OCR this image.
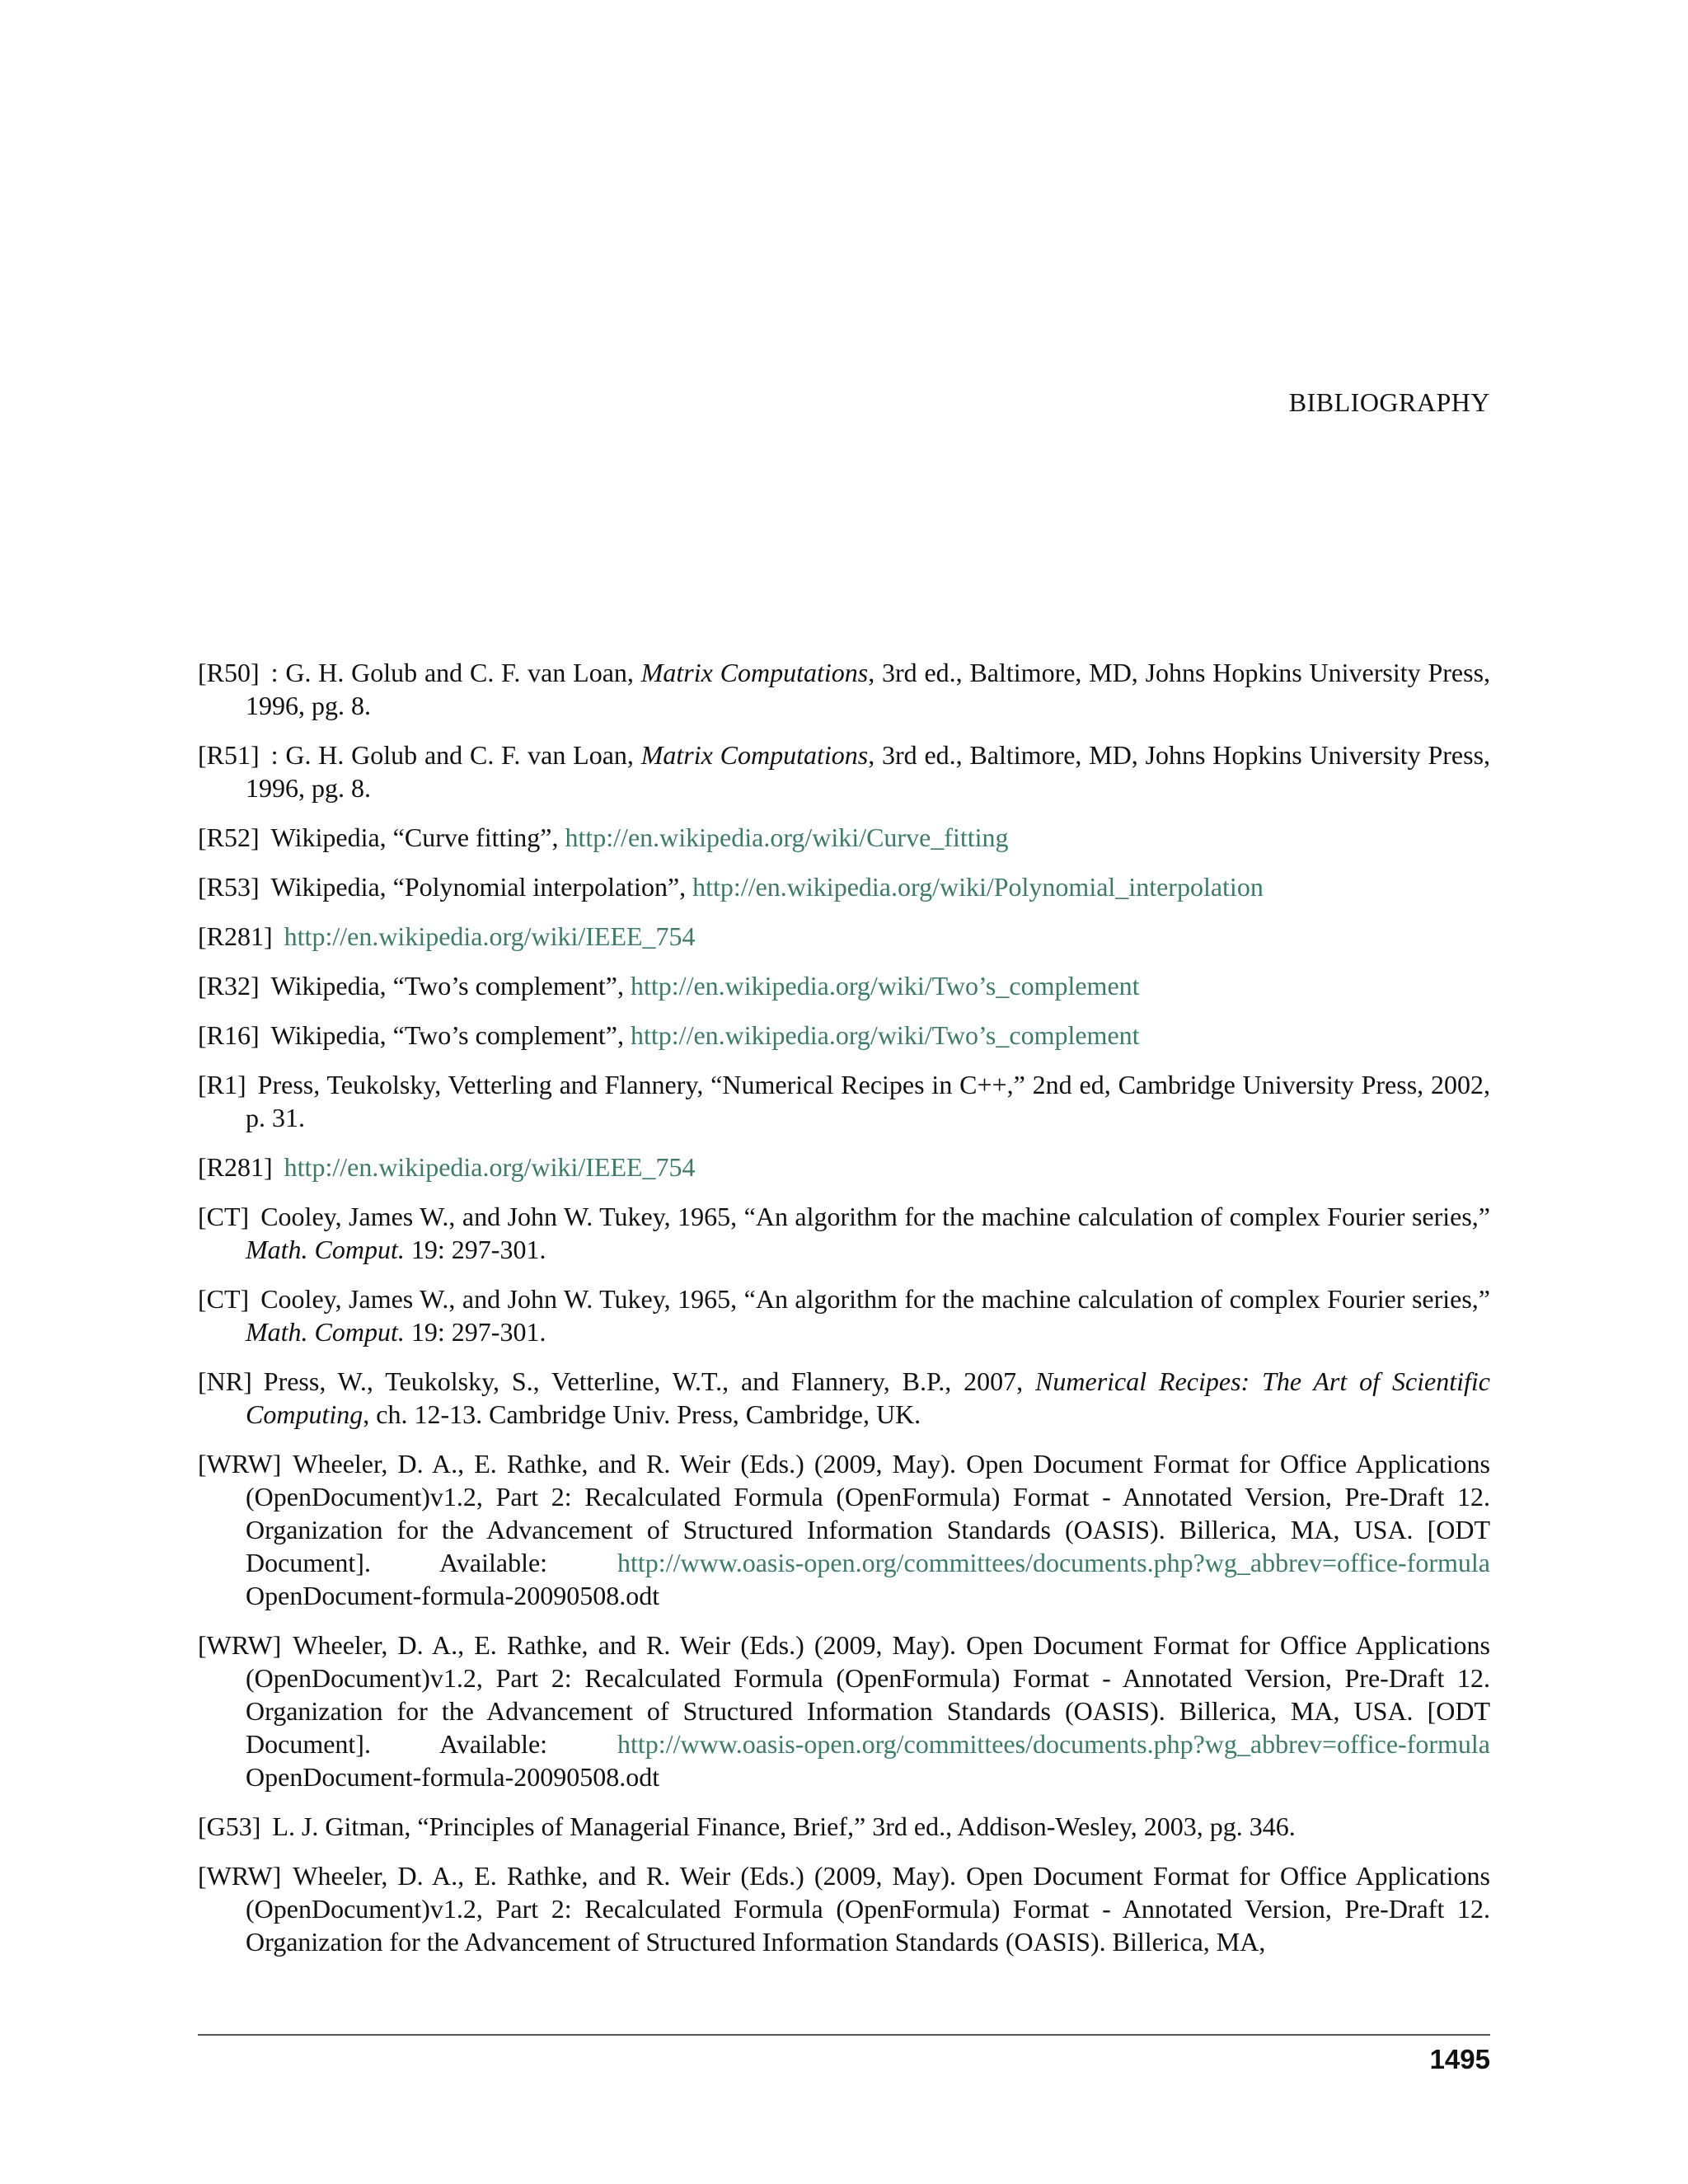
BIBLIOGRAPHY

[R50] : G. H. Golub and C. F. van Loan, Matrix Computations, 3rd ed., Baltimore, MD, Johns Hopkins University Press, 1996, pg. 8.

[R51] : G. H. Golub and C. F. van Loan, Matrix Computations, 3rd ed., Baltimore, MD, Johns Hopkins University Press, 1996, pg. 8.

[R52] Wikipedia, “Curve fitting”, http://en.wikipedia.org/wiki/Curve_fitting

[R53] Wikipedia, “Polynomial interpolation”, http://en.wikipedia.org/wiki/Polynomial_interpolation

[R281] http://en.wikipedia.org/wiki/IEEE_754

[R32] Wikipedia, “Two’s complement”, http://en.wikipedia.org/wiki/Two’s_complement

[R16] Wikipedia, “Two’s complement”, http://en.wikipedia.org/wiki/Two’s_complement

[R1] Press, Teukolsky, Vetterling and Flannery, “Numerical Recipes in C++,” 2nd ed, Cambridge University Press, 2002, p. 31.

[R281] http://en.wikipedia.org/wiki/IEEE_754

[CT] Cooley, James W., and John W. Tukey, 1965, “An algorithm for the machine calculation of complex Fourier series,” Math. Comput. 19: 297-301.

[CT] Cooley, James W., and John W. Tukey, 1965, “An algorithm for the machine calculation of complex Fourier series,” Math. Comput. 19: 297-301.

[NR] Press, W., Teukolsky, S., Vetterline, W.T., and Flannery, B.P., 2007, Numerical Recipes: The Art of Scientific Computing, ch. 12-13. Cambridge Univ. Press, Cambridge, UK.

[WRW] Wheeler, D. A., E. Rathke, and R. Weir (Eds.) (2009, May). Open Document Format for Office Applications (OpenDocument)v1.2, Part 2: Recalculated Formula (OpenFormula) Format - Annotated Version, Pre-Draft 12. Organization for the Advancement of Structured Information Standards (OASIS). Billerica, MA, USA. [ODT Document]. Available: http://www.oasis-open.org/committees/documents.php?wg_abbrev=office-formula OpenDocument-formula-20090508.odt

[WRW] Wheeler, D. A., E. Rathke, and R. Weir (Eds.) (2009, May). Open Document Format for Office Applications (OpenDocument)v1.2, Part 2: Recalculated Formula (OpenFormula) Format - Annotated Version, Pre-Draft 12. Organization for the Advancement of Structured Information Standards (OASIS). Billerica, MA, USA. [ODT Document]. Available: http://www.oasis-open.org/committees/documents.php?wg_abbrev=office-formula OpenDocument-formula-20090508.odt

[G53] L. J. Gitman, “Principles of Managerial Finance, Brief,” 3rd ed., Addison-Wesley, 2003, pg. 346.

[WRW] Wheeler, D. A., E. Rathke, and R. Weir (Eds.) (2009, May). Open Document Format for Office Applications (OpenDocument)v1.2, Part 2: Recalculated Formula (OpenFormula) Format - Annotated Version, Pre-Draft 12. Organization for the Advancement of Structured Information Standards (OASIS). Billerica, MA,

1495
